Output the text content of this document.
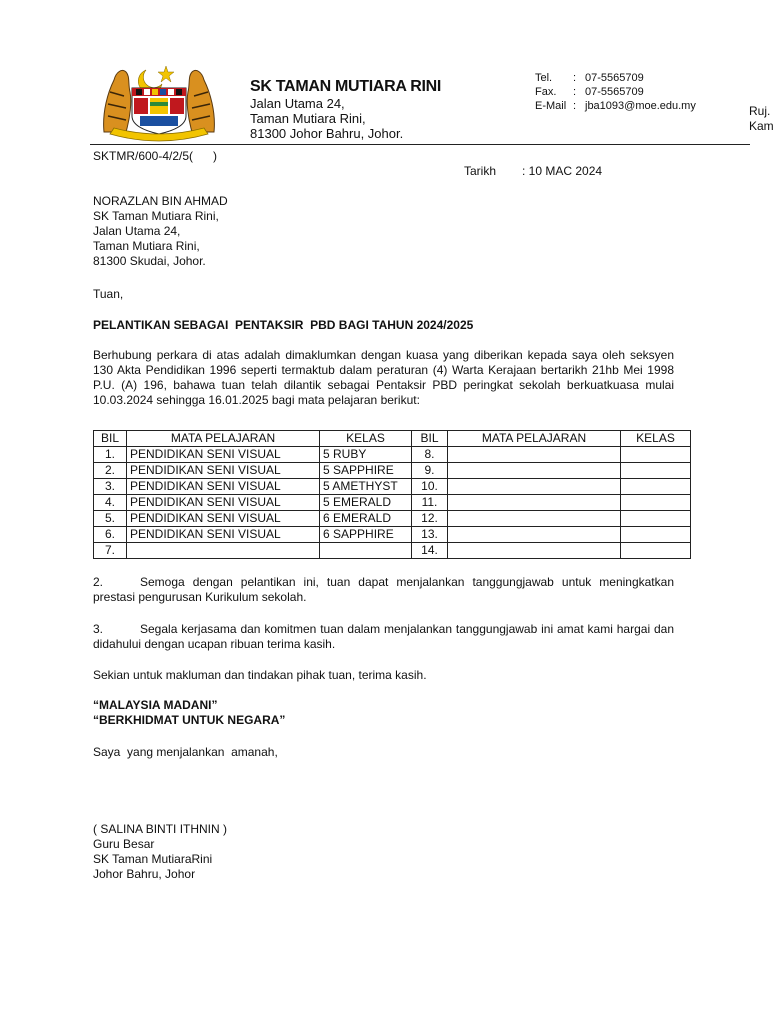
SK TAMAN MUTIARA RINI
Jalan Utama 24,
Taman Mutiara Rini,
81300 Johor Bahru, Johor.
Tel.	: 07-5565709
Fax.	: 07-5565709
E-Mail : jba1093@moe.edu.my	Ruj.
Kam
SKTMR/600-4/2/5(      )
Tarikh	: 10 MAC 2024
NORAZLAN BIN AHMAD
SK Taman Mutiara Rini,
Jalan Utama 24,
Taman Mutiara Rini,
81300 Skudai, Johor.
Tuan,
PELANTIKAN SEBAGAI  PENTAKSIR  PBD BAGI TAHUN 2024/2025
Berhubung perkara di atas adalah dimaklumkan dengan kuasa yang diberikan kepada saya oleh seksyen 130 Akta Pendidikan 1996 seperti termaktub dalam peraturan (4) Warta Kerajaan bertarikh 21hb Mei 1998 P.U. (A) 196, bahawa tuan telah dilantik sebagai Pentaksir PBD peringkat sekolah berkuatkuasa mulai 10.03.2024 sehingga 16.01.2025 bagi mata pelajaran berikut:
BIL	MATA PELAJARAN	KELAS	BIL	MATA PELAJARAN	KELAS
1.	PENDIDIKAN SENI VISUAL	5 RUBY	8.		
2.	PENDIDIKAN SENI VISUAL	5 SAPPHIRE	9.		
3.	PENDIDIKAN SENI VISUAL	5 AMETHYST	10.		
4.	PENDIDIKAN SENI VISUAL	5 EMERALD	11.		
5.	PENDIDIKAN SENI VISUAL	6 EMERALD	12.		
6.	PENDIDIKAN SENI VISUAL	6 SAPPHIRE	13.		
7.			14.		
2.	Semoga dengan pelantikan ini, tuan dapat menjalankan tanggungjawab untuk meningkatkan prestasi pengurusan Kurikulum sekolah.
3.	Segala kerjasama dan komitmen tuan dalam menjalankan tanggungjawab ini amat kami hargai dan didahului dengan ucapan ribuan terima kasih.
Sekian untuk makluman dan tindakan pihak tuan, terima kasih.
“MALAYSIA MADANI”
“BERKHIDMAT UNTUK NEGARA”
Saya  yang menjalankan  amanah,
( SALINA BINTI ITHNIN )
Guru Besar
SK Taman MutiaraRini
Johor Bahru, Johor
